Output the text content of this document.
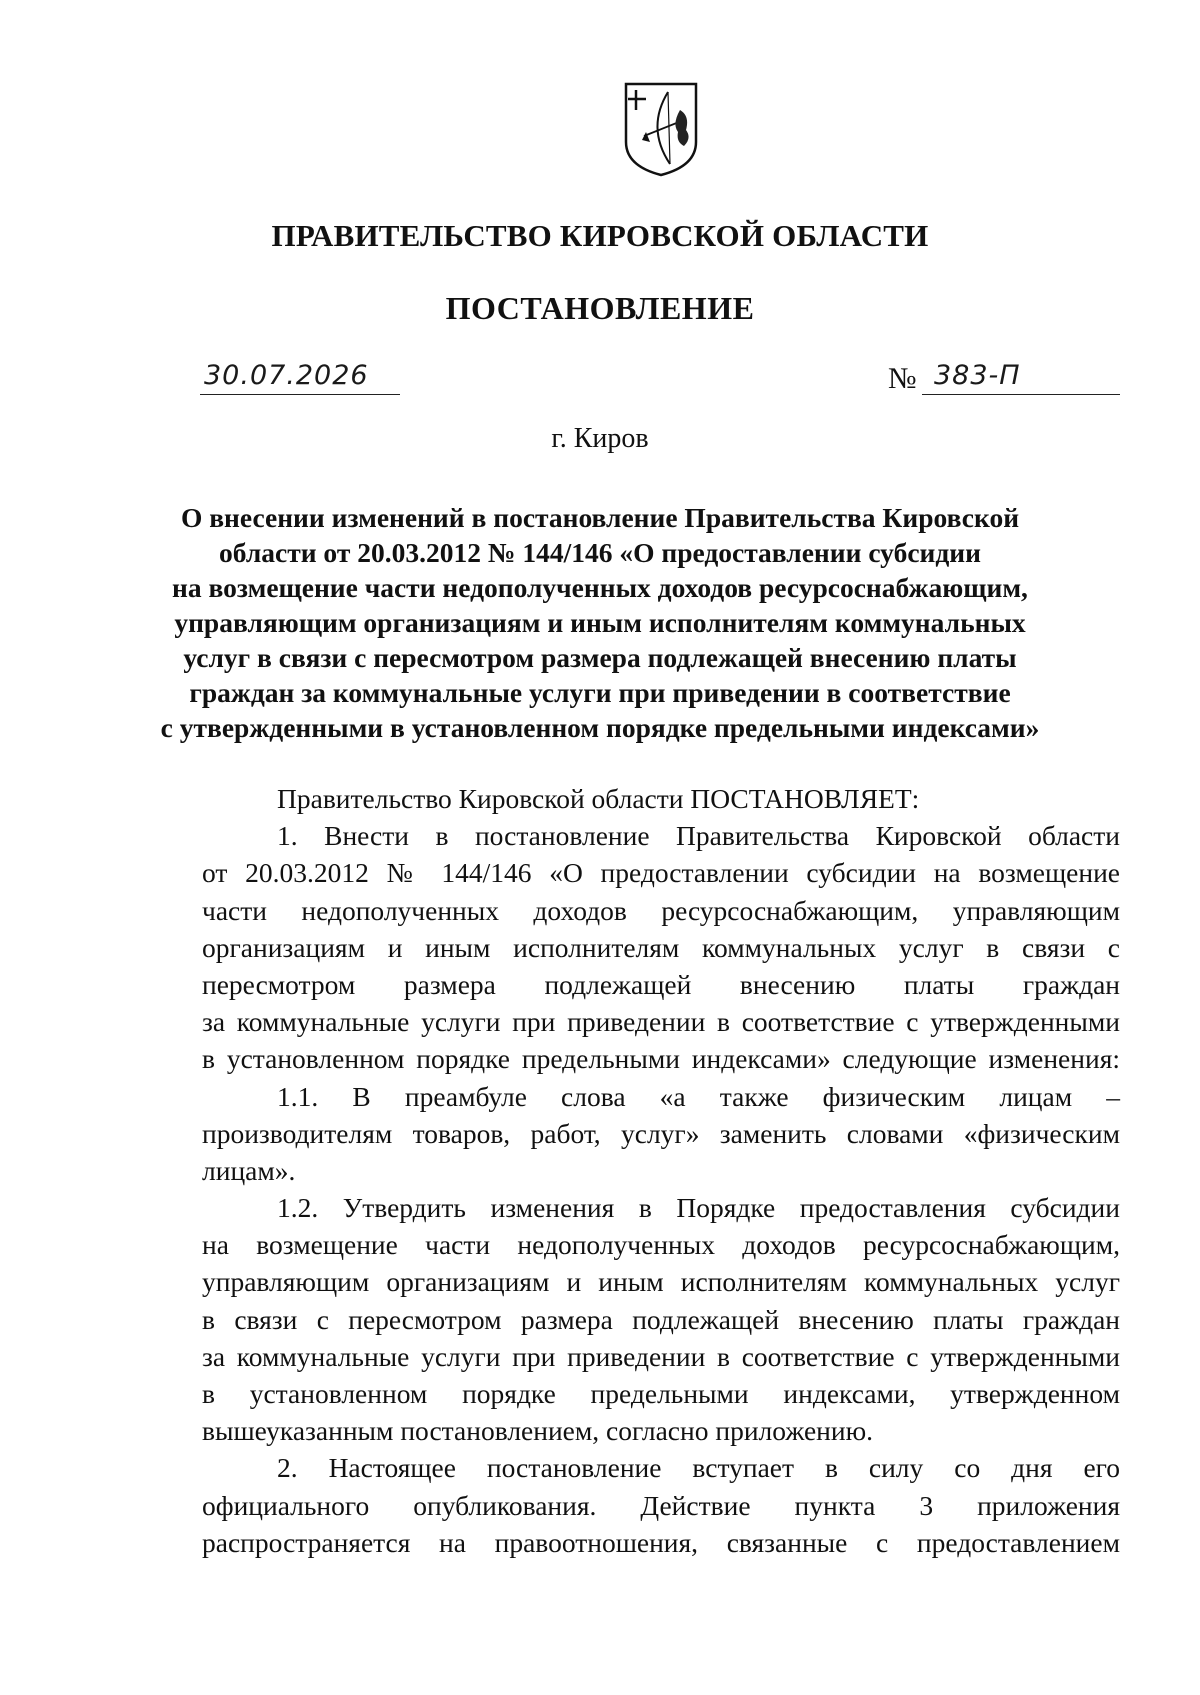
ПРАВИТЕЛЬСТВО КИРОВСКОЙ ОБЛАСТИ
ПОСТАНОВЛЕНИЕ
30.07.2026	№ 383-П
г. Киров
О внесении изменений в постановление Правительства Кировской
области от 20.03.2012 № 144/146 «О предоставлении субсидии
на возмещение части недополученных доходов ресурсоснабжающим,
управляющим организациям и иным исполнителям коммунальных
услуг в связи с пересмотром размера подлежащей внесению платы
граждан за коммунальные услуги при приведении в соответствие
с утвержденными в установленном порядке предельными индексами»
Правительство Кировской области ПОСТАНОВЛЯЕТ:
1. Внести в постановление Правительства Кировской области
от 20.03.2012 № 144/146 «О предоставлении субсидии на возмещение
части недополученных доходов ресурсоснабжающим, управляющим
организациям и иным исполнителям коммунальных услуг в связи с
пересмотром размера подлежащей внесению платы граждан
за коммунальные услуги при приведении в соответствие с утвержденными
в установленном порядке предельными индексами» следующие изменения:
1.1. В преамбуле слова «а также физическим лицам –
производителям товаров, работ, услуг» заменить словами «физическим
лицам».
1.2. Утвердить изменения в Порядке предоставления субсидии
на возмещение части недополученных доходов ресурсоснабжающим,
управляющим организациям и иным исполнителям коммунальных услуг
в связи с пересмотром размера подлежащей внесению платы граждан
за коммунальные услуги при приведении в соответствие с утвержденными
в установленном порядке предельными индексами, утвержденном
вышеуказанным постановлением, согласно приложению.
2. Настоящее постановление вступает в силу со дня его
официального опубликования. Действие пункта 3 приложения
распространяется на правоотношения, связанные с предоставлением
